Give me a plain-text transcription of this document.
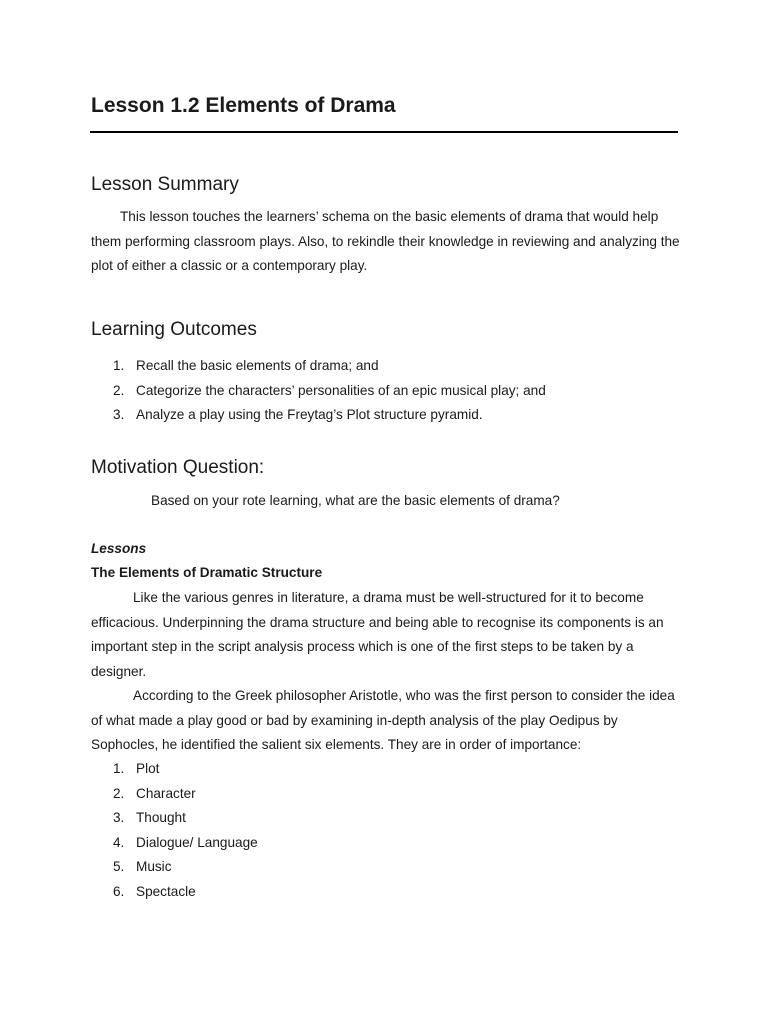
Lesson 1.2 Elements of Drama
Lesson Summary

This lesson touches the learners’ schema on the basic elements of drama that would help them performing classroom plays. Also, to rekindle their knowledge in reviewing and analyzing the plot of either a classic or a contemporary play.

Learning Outcomes
1. Recall the basic elements of drama; and
2. Categorize the characters’ personalities of an epic musical play; and
3. Analyze a play using the Freytag’s Plot structure pyramid.
Motivation Question:

Based on your rote learning, what are the basic elements of drama?

Lessons

The Elements of Dramatic Structure

Like the various genres in literature, a drama must be well-structured for it to become efficacious. Underpinning the drama structure and being able to recognise its components is an important step in the script analysis process which is one of the first steps to be taken by a designer.

According to the Greek philosopher Aristotle, who was the first person to consider the idea of what made a play good or bad by examining in-depth analysis of the play Oedipus by Sophocles, he identified the salient six elements. They are in order of importance:

1. Plot
2. Character
3. Thought
4. Dialogue/ Language
5. Music
6. Spectacle
